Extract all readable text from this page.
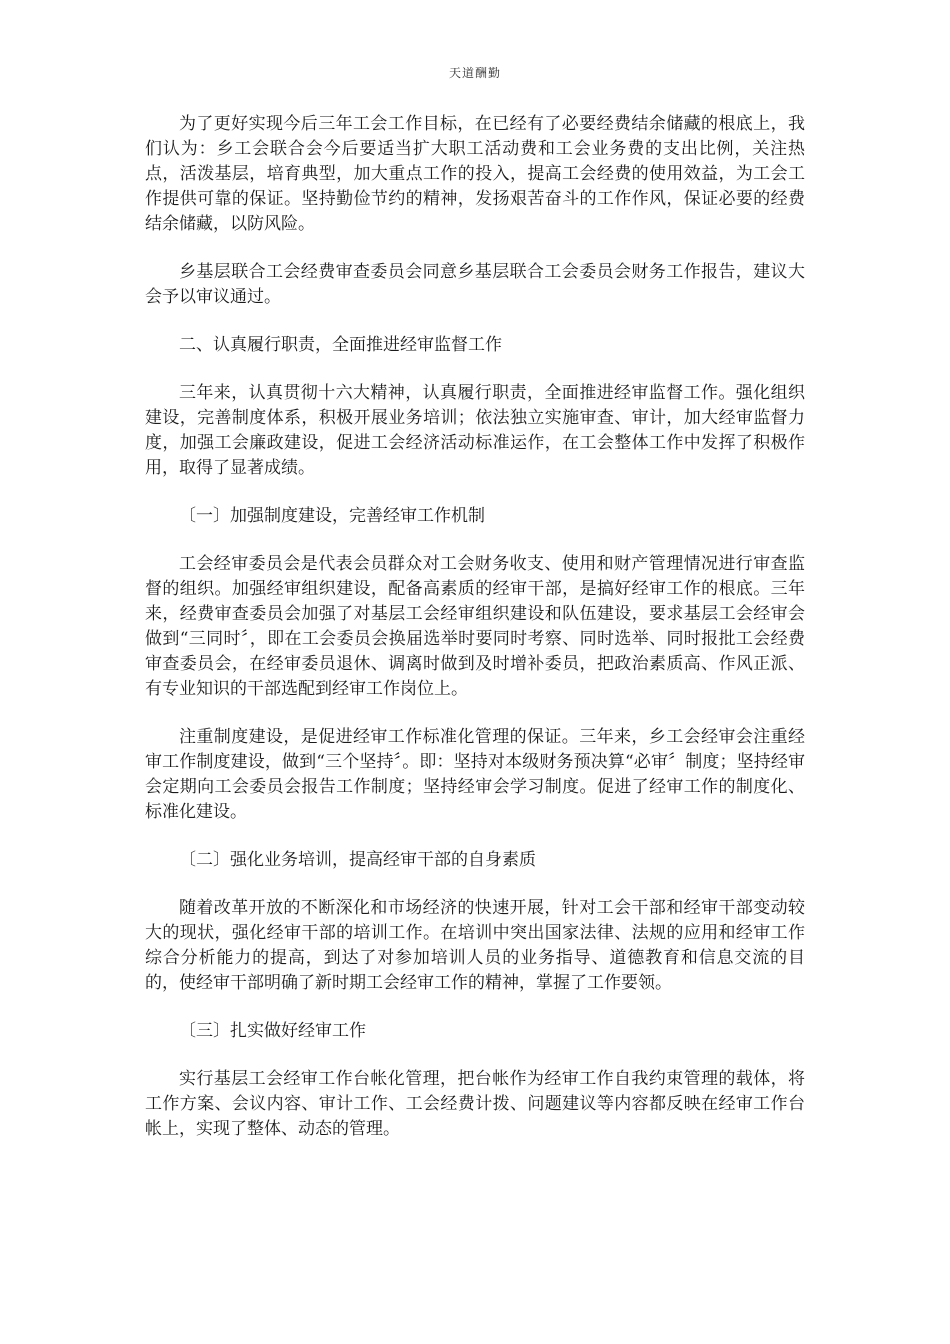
天道酬勤

为了更好实现今后三年工会工作目标，在已经有了必要经费结余储藏的根底上，我们认为：乡工会联合会今后要适当扩大职工活动费和工会业务费的支出比例，关注热点，活泼基层，培育典型，加大重点工作的投入，提高工会经费的使用效益，为工会工作提供可靠的保证。坚持勤俭节约的精神，发扬艰苦奋斗的工作作风，保证必要的经费结余储藏，以防风险。

乡基层联合工会经费审查委员会同意乡基层联合工会委员会财务工作报告，建议大会予以审议通过。

二、认真履行职责，全面推进经审监督工作

三年来，认真贯彻十六大精神，认真履行职责，全面推进经审监督工作。强化组织建设，完善制度体系，积极开展业务培训；依法独立实施审查、审计，加大经审监督力度，加强工会廉政建设，促进工会经济活动标准运作，在工会整体工作中发挥了积极作用，取得了显著成绩。

〔一〕加强制度建设，完善经审工作机制

工会经审委员会是代表会员群众对工会财务收支、使用和财产管理情况进行审查监督的组织。加强经审组织建设，配备高素质的经审干部，是搞好经审工作的根底。三年来，经费审查委员会加强了对基层工会经审组织建设和队伍建设，要求基层工会经审会做到“三同时〞，即在工会委员会换届选举时要同时考察、同时选举、同时报批工会经费审查委员会，在经审委员退休、调离时做到及时增补委员，把政治素质高、作风正派、有专业知识的干部选配到经审工作岗位上。

注重制度建设，是促进经审工作标准化管理的保证。三年来，乡工会经审会注重经审工作制度建设，做到“三个坚持〞。即：坚持对本级财务预决算“必审〞制度；坚持经审会定期向工会委员会报告工作制度；坚持经审会学习制度。促进了经审工作的制度化、标准化建设。

〔二〕强化业务培训，提高经审干部的自身素质

随着改革开放的不断深化和市场经济的快速开展，针对工会干部和经审干部变动较大的现状，强化经审干部的培训工作。在培训中突出国家法律、法规的应用和经审工作综合分析能力的提高，到达了对参加培训人员的业务指导、道德教育和信息交流的目的，使经审干部明确了新时期工会经审工作的精神，掌握了工作要领。

〔三〕扎实做好经审工作

实行基层工会经审工作台帐化管理，把台帐作为经审工作自我约束管理的载体，将工作方案、会议内容、审计工作、工会经费计拨、问题建议等内容都反映在经审工作台帐上，实现了整体、动态的管理。
